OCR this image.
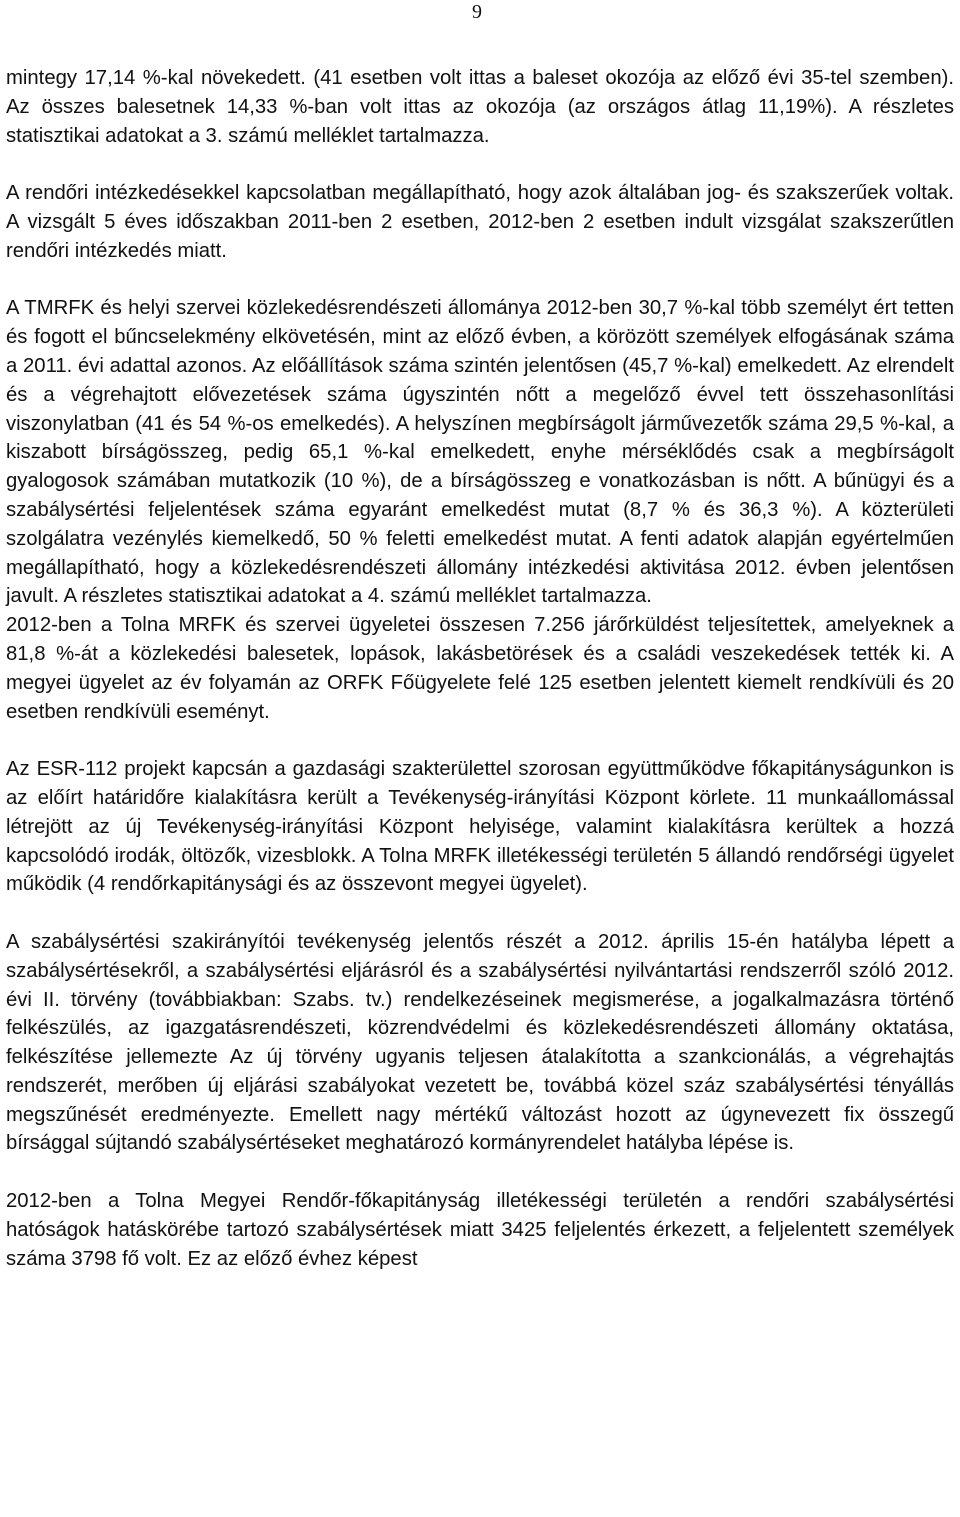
9

mintegy 17,14 %-kal növekedett. (41 esetben volt ittas a baleset okozója az előző évi 35-tel szemben). Az összes balesetnek 14,33 %-ban volt ittas az okozója (az országos átlag 11,19%). A részletes statisztikai adatokat a 3. számú melléklet tartalmazza.

A rendőri intézkedésekkel kapcsolatban megállapítható, hogy azok általában jog- és szakszerűek voltak. A vizsgált 5 éves időszakban 2011-ben 2 esetben, 2012-ben 2 esetben indult vizsgálat szakszerűtlen rendőri intézkedés miatt.

A TMRFK és helyi szervei közlekedésrendészeti állománya 2012-ben 30,7 %-kal több személyt ért tetten és fogott el bűncselekmény elkövetésén, mint az előző évben, a körözött személyek elfogásának száma a 2011. évi adattal azonos. Az előállítások száma szintén jelentősen (45,7 %-kal) emelkedett. Az elrendelt és a végrehajtott elővezetések száma úgyszintén nőtt a megelőző évvel tett összehasonlítási viszonylatban (41 és 54 %-os emelkedés). A helyszínen megbírságolt járművezetők száma 29,5 %-kal, a kiszabott bírságösszeg, pedig 65,1 %-kal emelkedett, enyhe mérséklődés csak a megbírságolt gyalogosok számában mutatkozik (10 %), de a bírságösszeg e vonatkozásban is nőtt. A bűnügyi és a szabálysértési feljelentések száma egyaránt emelkedést mutat (8,7 % és 36,3 %). A közterületi szolgálatra vezénylés kiemelkedő, 50 % feletti emelkedést mutat. A fenti adatok alapján egyértelműen megállapítható, hogy a közlekedésrendészeti állomány intézkedési aktivitása 2012. évben jelentősen javult. A részletes statisztikai adatokat a 4. számú melléklet tartalmazza.

2012-ben a Tolna MRFK és szervei ügyeletei összesen 7.256 járőrküldést teljesítettek, amelyeknek a 81,8 %-át a közlekedési balesetek, lopások, lakásbetörések és a családi veszekedések tették ki. A megyei ügyelet az év folyamán az ORFK Főügyelete felé 125 esetben jelentett kiemelt rendkívüli és 20 esetben rendkívüli eseményt.

Az ESR-112 projekt kapcsán a gazdasági szakterülettel szorosan együttműködve főkapitányságunkon is az előírt határidőre kialakításra került a Tevékenység-irányítási Központ körlete. 11 munkaállomással létrejött az új Tevékenység-irányítási Központ helyisége, valamint kialakításra kerültek a hozzá kapcsolódó irodák, öltözők, vizesblokk. A Tolna MRFK illetékességi területén 5 állandó rendőrségi ügyelet működik (4 rendőrkapitánysági és az összevont megyei ügyelet).

A szabálysértési szakirányítói tevékenység jelentős részét a 2012. április 15-én hatályba lépett a szabálysértésekről, a szabálysértési eljárásról és a szabálysértési nyilvántartási rendszerről szóló 2012. évi II. törvény (továbbiakban: Szabs. tv.) rendelkezéseinek megismerése, a jogalkalmazásra történő felkészülés, az igazgatásrendészeti, közrendvédelmi és közlekedésrendészeti állomány oktatása, felkészítése jellemezte Az új törvény ugyanis teljesen átalakította a szankcionálás, a végrehajtás rendszerét, merőben új eljárási szabályokat vezetett be, továbbá közel száz szabálysértési tényállás megszűnését eredményezte. Emellett nagy mértékű változást hozott az úgynevezett fix összegű bírsággal sújtandó szabálysértéseket meghatározó kormányrendelet hatályba lépése is.

2012-ben a Tolna Megyei Rendőr-főkapitányság illetékességi területén a rendőri szabálysértési hatóságok hatáskörébe tartozó szabálysértések miatt 3425 feljelentés érkezett, a feljelentett személyek száma 3798 fő volt. Ez az előző évhez képest
